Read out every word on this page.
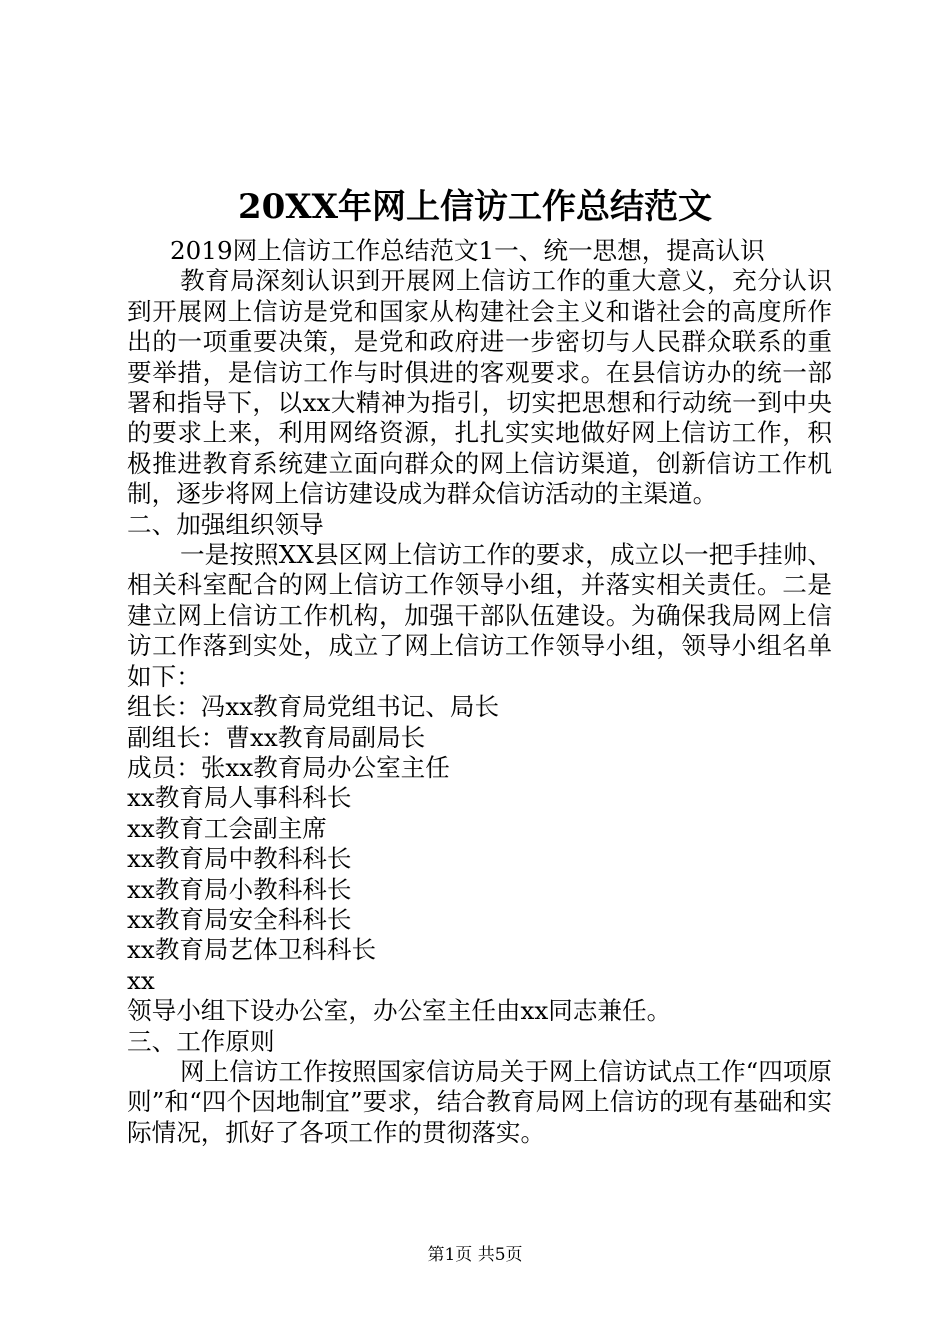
20XX年网上信访工作总结范文

2019网上信访工作总结范文1一、统一思想，提高认识

教育局深刻认识到开展网上信访工作的重大意义，充分认识到开展网上信访是党和国家从构建社会主义和谐社会的高度所作出的一项重要决策，是党和政府进一步密切与人民群众联系的重要举措，是信访工作与时俱进的客观要求。在县信访办的统一部署和指导下，以xx大精神为指引，切实把思想和行动统一到中央的要求上来，利用网络资源，扎扎实实地做好网上信访工作，积极推进教育系统建立面向群众的网上信访渠道，创新信访工作机制，逐步将网上信访建设成为群众信访活动的主渠道。

二、加强组织领导

一是按照XX县区网上信访工作的要求，成立以一把手挂帅、相关科室配合的网上信访工作领导小组，并落实相关责任。二是建立网上信访工作机构，加强干部队伍建设。为确保我局网上信访工作落到实处，成立了网上信访工作领导小组，领导小组名单如下：

组长：冯xx教育局党组书记、局长

副组长：曹xx教育局副局长

成员：张xx教育局办公室主任

xx教育局人事科科长

xx教育工会副主席

xx教育局中教科科长

xx教育局小教科科长

xx教育局安全科科长

xx教育局艺体卫科科长

xx

领导小组下设办公室，办公室主任由xx同志兼任。

三、工作原则

网上信访工作按照国家信访局关于网上信访试点工作“四项原则”和“四个因地制宜”要求，结合教育局网上信访的现有基础和实际情况，抓好了各项工作的贯彻落实。

第1页 共5页
